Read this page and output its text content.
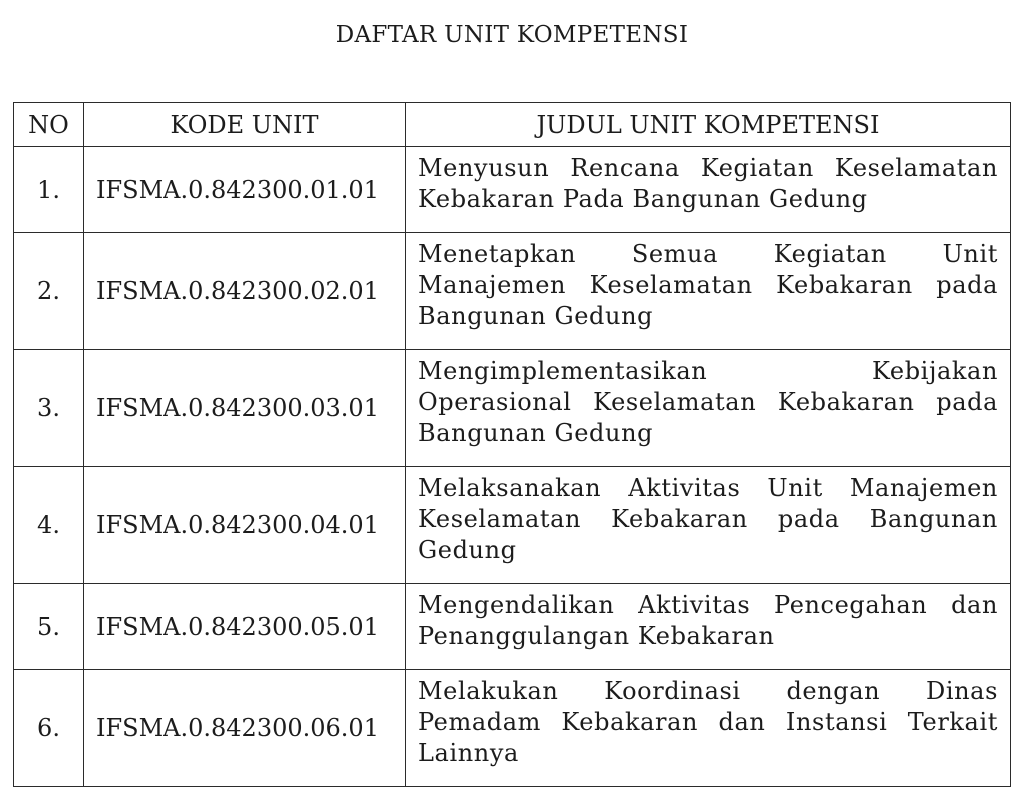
DAFTAR UNIT KOMPETENSI
NO	KODE UNIT	JUDUL UNIT KOMPETENSI
1.	IFSMA.0.842300.01.01	Menyusun Rencana Kegiatan Keselamatan Kebakaran Pada Bangunan Gedung
2.	IFSMA.0.842300.02.01	Menetapkan Semua Kegiatan Unit Manajemen Keselamatan Kebakaran pada Bangunan Gedung
3.	IFSMA.0.842300.03.01	Mengimplementasikan Kebijakan Operasional Keselamatan Kebakaran pada Bangunan Gedung
4.	IFSMA.0.842300.04.01	Melaksanakan Aktivitas Unit Manajemen Keselamatan Kebakaran pada Bangunan Gedung
5.	IFSMA.0.842300.05.01	Mengendalikan Aktivitas Pencegahan dan Penanggulangan Kebakaran
6.	IFSMA.0.842300.06.01	Melakukan Koordinasi dengan Dinas Pemadam Kebakaran dan Instansi Terkait Lainnya
